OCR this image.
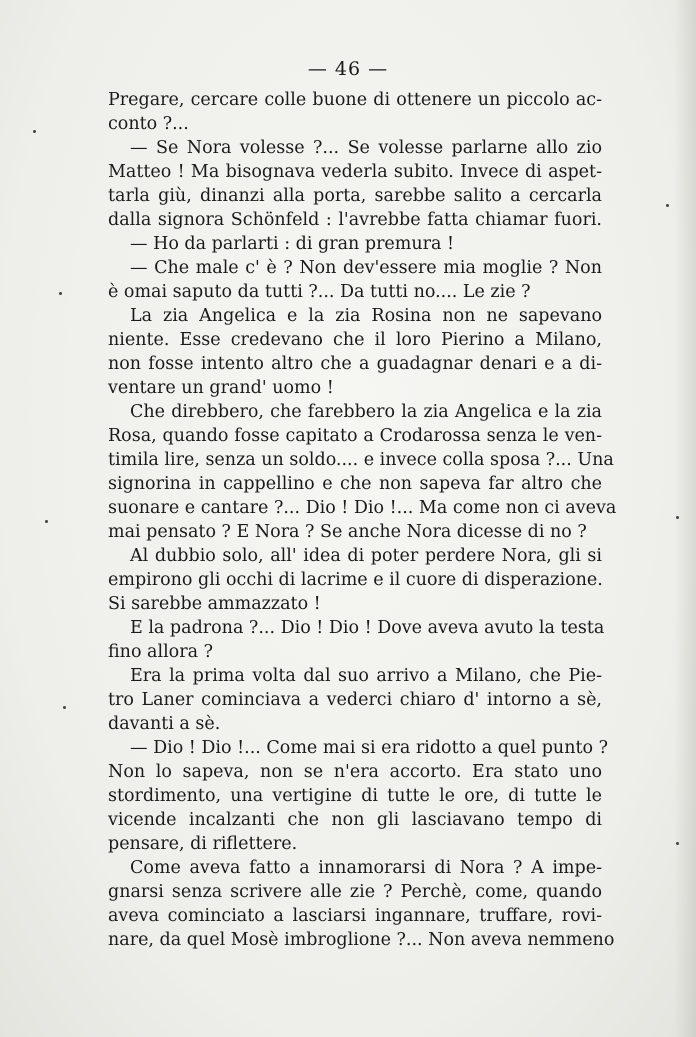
— 46 —
Pregare, cercare colle buone di ottenere un piccolo ac-
conto ?...
— Se Nora volesse ?... Se volesse parlarne allo zio
Matteo ! Ma bisognava vederla subito. Invece di aspet-
tarla giù, dinanzi alla porta, sarebbe salito a cercarla
dalla signora Schönfeld : l'avrebbe fatta chiamar fuori.
— Ho da parlarti : di gran premura !
— Che male c' è ? Non dev'essere mia moglie ? Non
è omai saputo da tutti ?... Da tutti no.... Le zie ?
La zia Angelica e la zia Rosina non ne sapevano
niente. Esse credevano che il loro Pierino a Milano,
non fosse intento altro che a guadagnar denari e a di-
ventare un grand' uomo !
Che direbbero, che farebbero la zia Angelica e la zia
Rosa, quando fosse capitato a Crodarossa senza le ven-
timila lire, senza un soldo.... e invece colla sposa ?... Una
signorina in cappellino e che non sapeva far altro che
suonare e cantare ?... Dio ! Dio !... Ma come non ci aveva
mai pensato ? E Nora ? Se anche Nora dicesse di no ?
Al dubbio solo, all' idea di poter perdere Nora, gli si
empirono gli occhi di lacrime e il cuore di disperazione.
Si sarebbe ammazzato !
E la padrona ?... Dio ! Dio ! Dove aveva avuto la testa
fino allora ?
Era la prima volta dal suo arrivo a Milano, che Pie-
tro Laner cominciava a vederci chiaro d' intorno a sè,
davanti a sè.
— Dio ! Dio !... Come mai si era ridotto a quel punto ?
Non lo sapeva, non se n'era accorto. Era stato uno
stordimento, una vertigine di tutte le ore, di tutte le
vicende incalzanti che non gli lasciavano tempo di
pensare, di riflettere.
Come aveva fatto a innamorarsi di Nora ? A impe-
gnarsi senza scrivere alle zie ? Perchè, come, quando
aveva cominciato a lasciarsi ingannare, truffare, rovi-
nare, da quel Mosè imbroglione ?... Non aveva nemmeno
